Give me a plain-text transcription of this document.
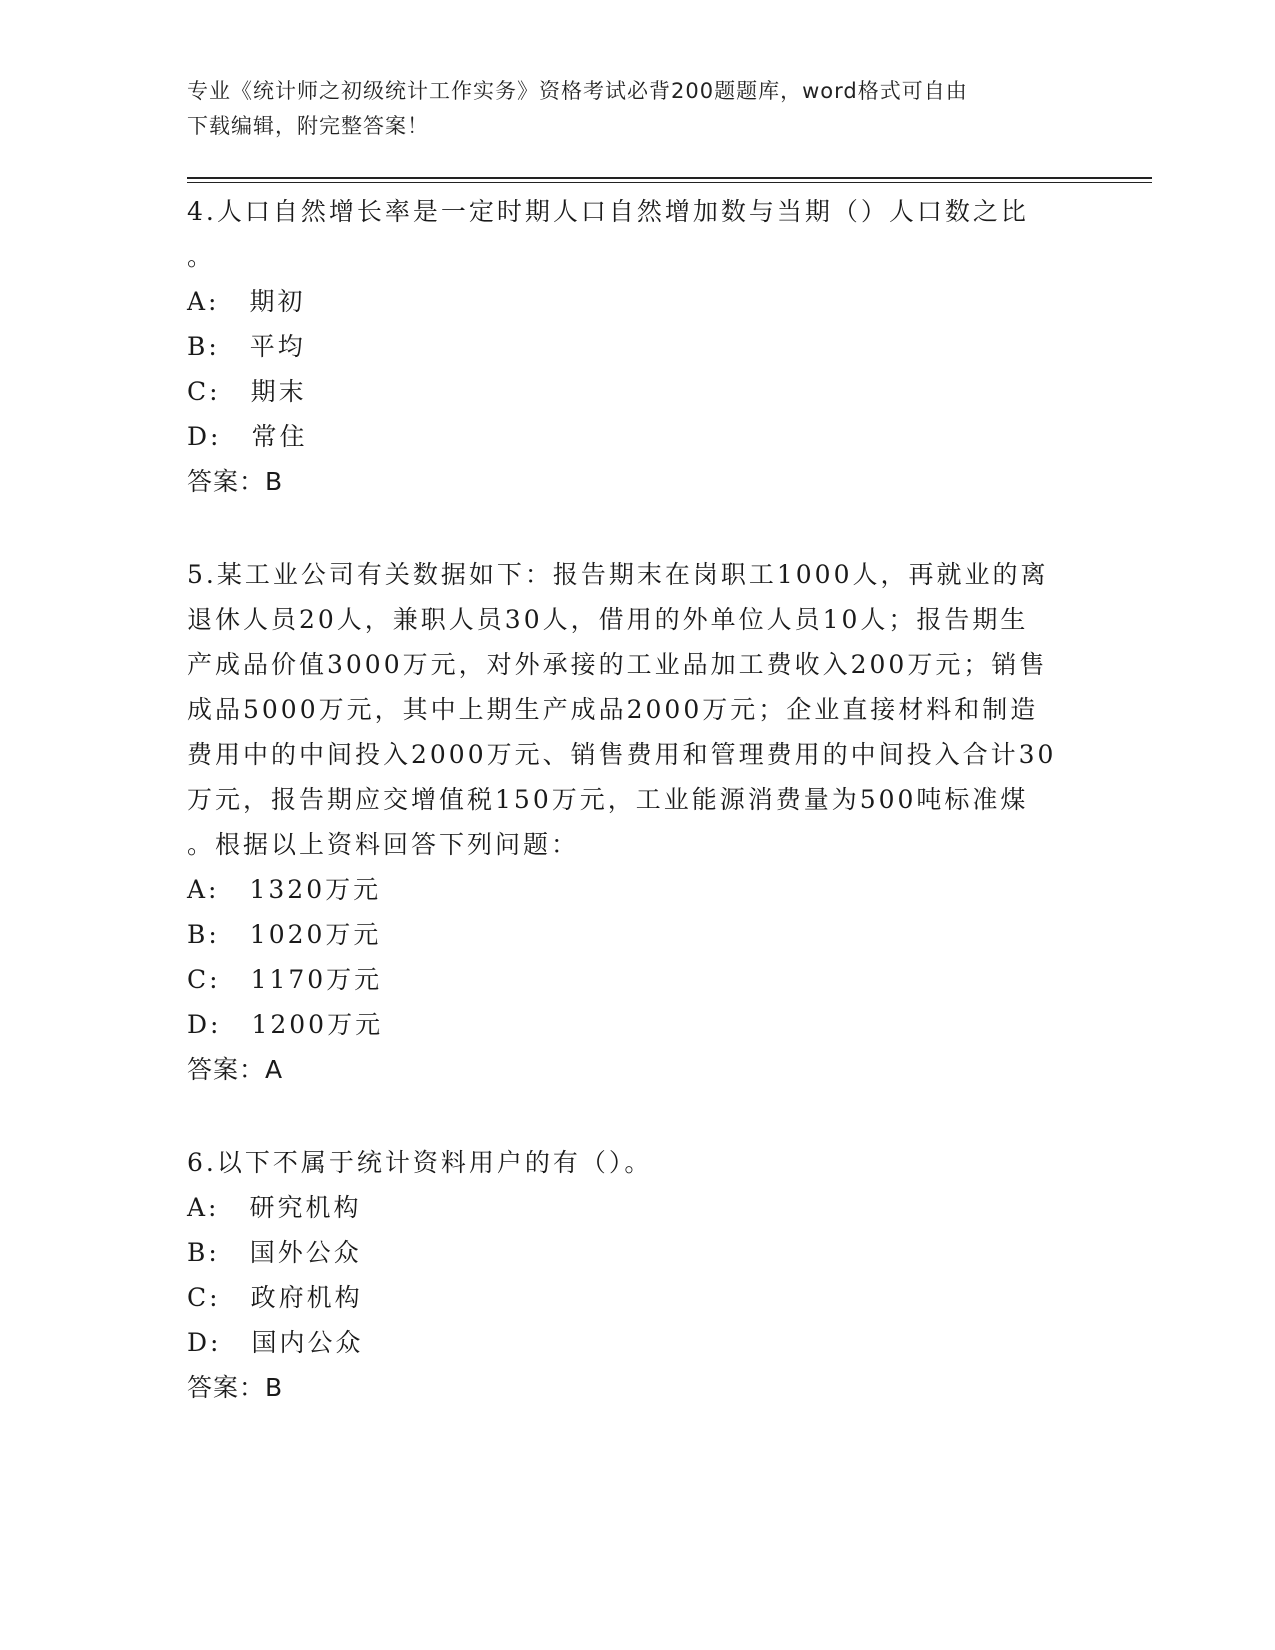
专业《统计师之初级统计工作实务》资格考试必背200题题库，word格式可自由
下载编辑，附完整答案！

4.人口自然增长率是一定时期人口自然增加数与当期（）人口数之比

。

A: 期初

B: 平均

C: 期末

D: 常住

答案：B

5.某工业公司有关数据如下：报告期末在岗职工1000人，再就业的离

退休人员20人，兼职人员30人，借用的外单位人员10人；报告期生

产成品价值3000万元，对外承接的工业品加工费收入200万元；销售

成品5000万元，其中上期生产成品2000万元；企业直接材料和制造

费用中的中间投入2000万元、销售费用和管理费用的中间投入合计30

万元，报告期应交增值税150万元，工业能源消费量为500吨标准煤

。根据以上资料回答下列问题：

A: 1320万元

B: 1020万元

C: 1170万元

D: 1200万元

答案：A

6.以下不属于统计资料用户的有（）。

A: 研究机构

B: 国外公众

C: 政府机构

D: 国内公众

答案：B
